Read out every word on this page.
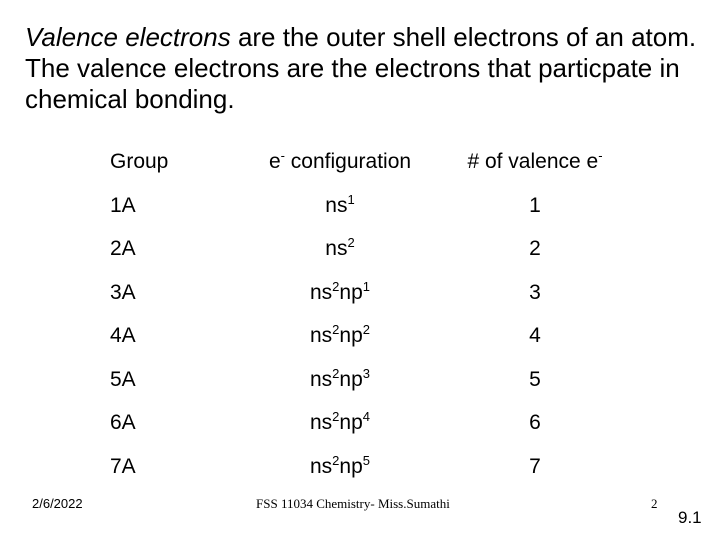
Valence electrons are the outer shell electrons of an atom. The valence electrons are the electrons that particpate in chemical bonding.

Group	e- configuration	# of valence e-
1A	$ns^1$	1
2A	$ns^2$	2
3A	$ns^2np^1$	3
4A	$ns^2np^2$	4
5A	$ns^2np^3$	5
6A	$ns^2np^4$	6
7A	$ns^2np^5$	7
2/6/2022	FSS 11034 Chemistry- Miss.Sumathi	2
9.1
